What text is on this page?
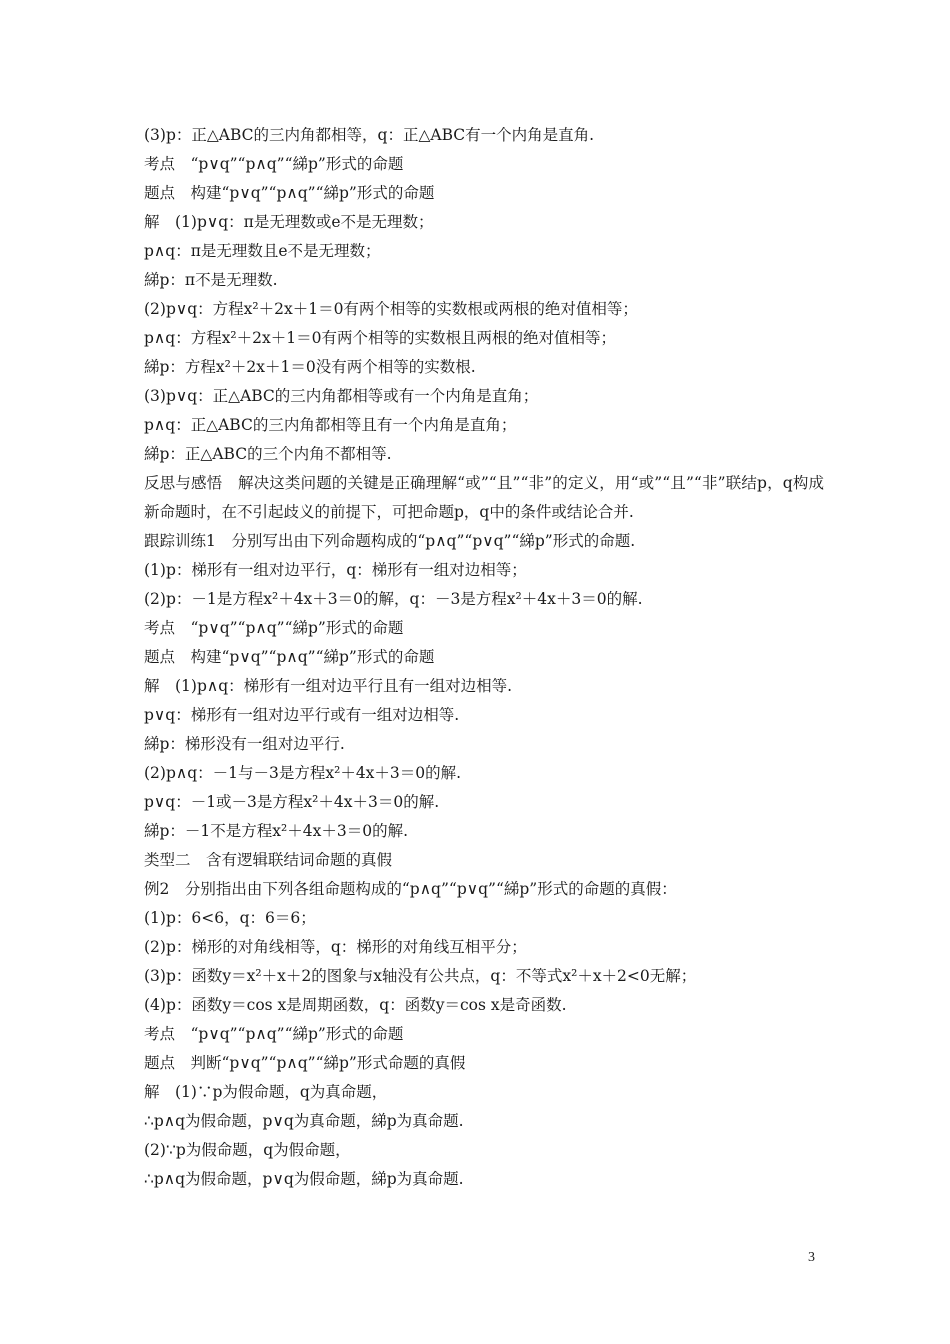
(3)p：正△ABC的三内角都相等，q：正△ABC有一个内角是直角.
考点　“p∨q”“p∧q”“綈p”形式的命题
题点　构建“p∨q”“p∧q”“綈p”形式的命题
解　(1)p∨q：π是无理数或e不是无理数；
p∧q：π是无理数且e不是无理数；
綈p：π不是无理数.
(2)p∨q：方程x²＋2x＋1＝0有两个相等的实数根或两根的绝对值相等；
p∧q：方程x²＋2x＋1＝0有两个相等的实数根且两根的绝对值相等；
綈p：方程x²＋2x＋1＝0没有两个相等的实数根.
(3)p∨q：正△ABC的三内角都相等或有一个内角是直角；
p∧q：正△ABC的三内角都相等且有一个内角是直角；
綈p：正△ABC的三个内角不都相等.
反思与感悟　解决这类问题的关键是正确理解“或”“且”“非”的定义，用“或”“且”“非”联结p，q构成新命题时，在不引起歧义的前提下，可把命题p，q中的条件或结论合并.
跟踪训练1　分别写出由下列命题构成的“p∧q”“p∨q”“綈p”形式的命题.
(1)p：梯形有一组对边平行，q：梯形有一组对边相等；
(2)p：－1是方程x²＋4x＋3＝0的解，q：－3是方程x²＋4x＋3＝0的解.
考点　“p∨q”“p∧q”“綈p”形式的命题
题点　构建“p∨q”“p∧q”“綈p”形式的命题
解　(1)p∧q：梯形有一组对边平行且有一组对边相等.
p∨q：梯形有一组对边平行或有一组对边相等.
綈p：梯形没有一组对边平行.
(2)p∧q：－1与－3是方程x²＋4x＋3＝0的解.
p∨q：－1或－3是方程x²＋4x＋3＝0的解.
綈p：－1不是方程x²＋4x＋3＝0的解.
类型二　含有逻辑联结词命题的真假
例2　分别指出由下列各组命题构成的“p∧q”“p∨q”“綈p”形式的命题的真假：
(1)p：6<6，q：6＝6；
(2)p：梯形的对角线相等，q：梯形的对角线互相平分；
(3)p：函数y＝x²＋x＋2的图象与x轴没有公共点，q：不等式x²＋x＋2<0无解；
(4)p：函数y＝cos x是周期函数，q：函数y＝cos x是奇函数.
考点　“p∨q”“p∧q”“綈p”形式的命题
题点　判断“p∨q”“p∧q”“綈p”形式命题的真假
解　(1)∵p为假命题，q为真命题，
∴p∧q为假命题，p∨q为真命题，綈p为真命题.
(2)∵p为假命题，q为假命题，
∴p∧q为假命题，p∨q为假命题，綈p为真命题.
3
